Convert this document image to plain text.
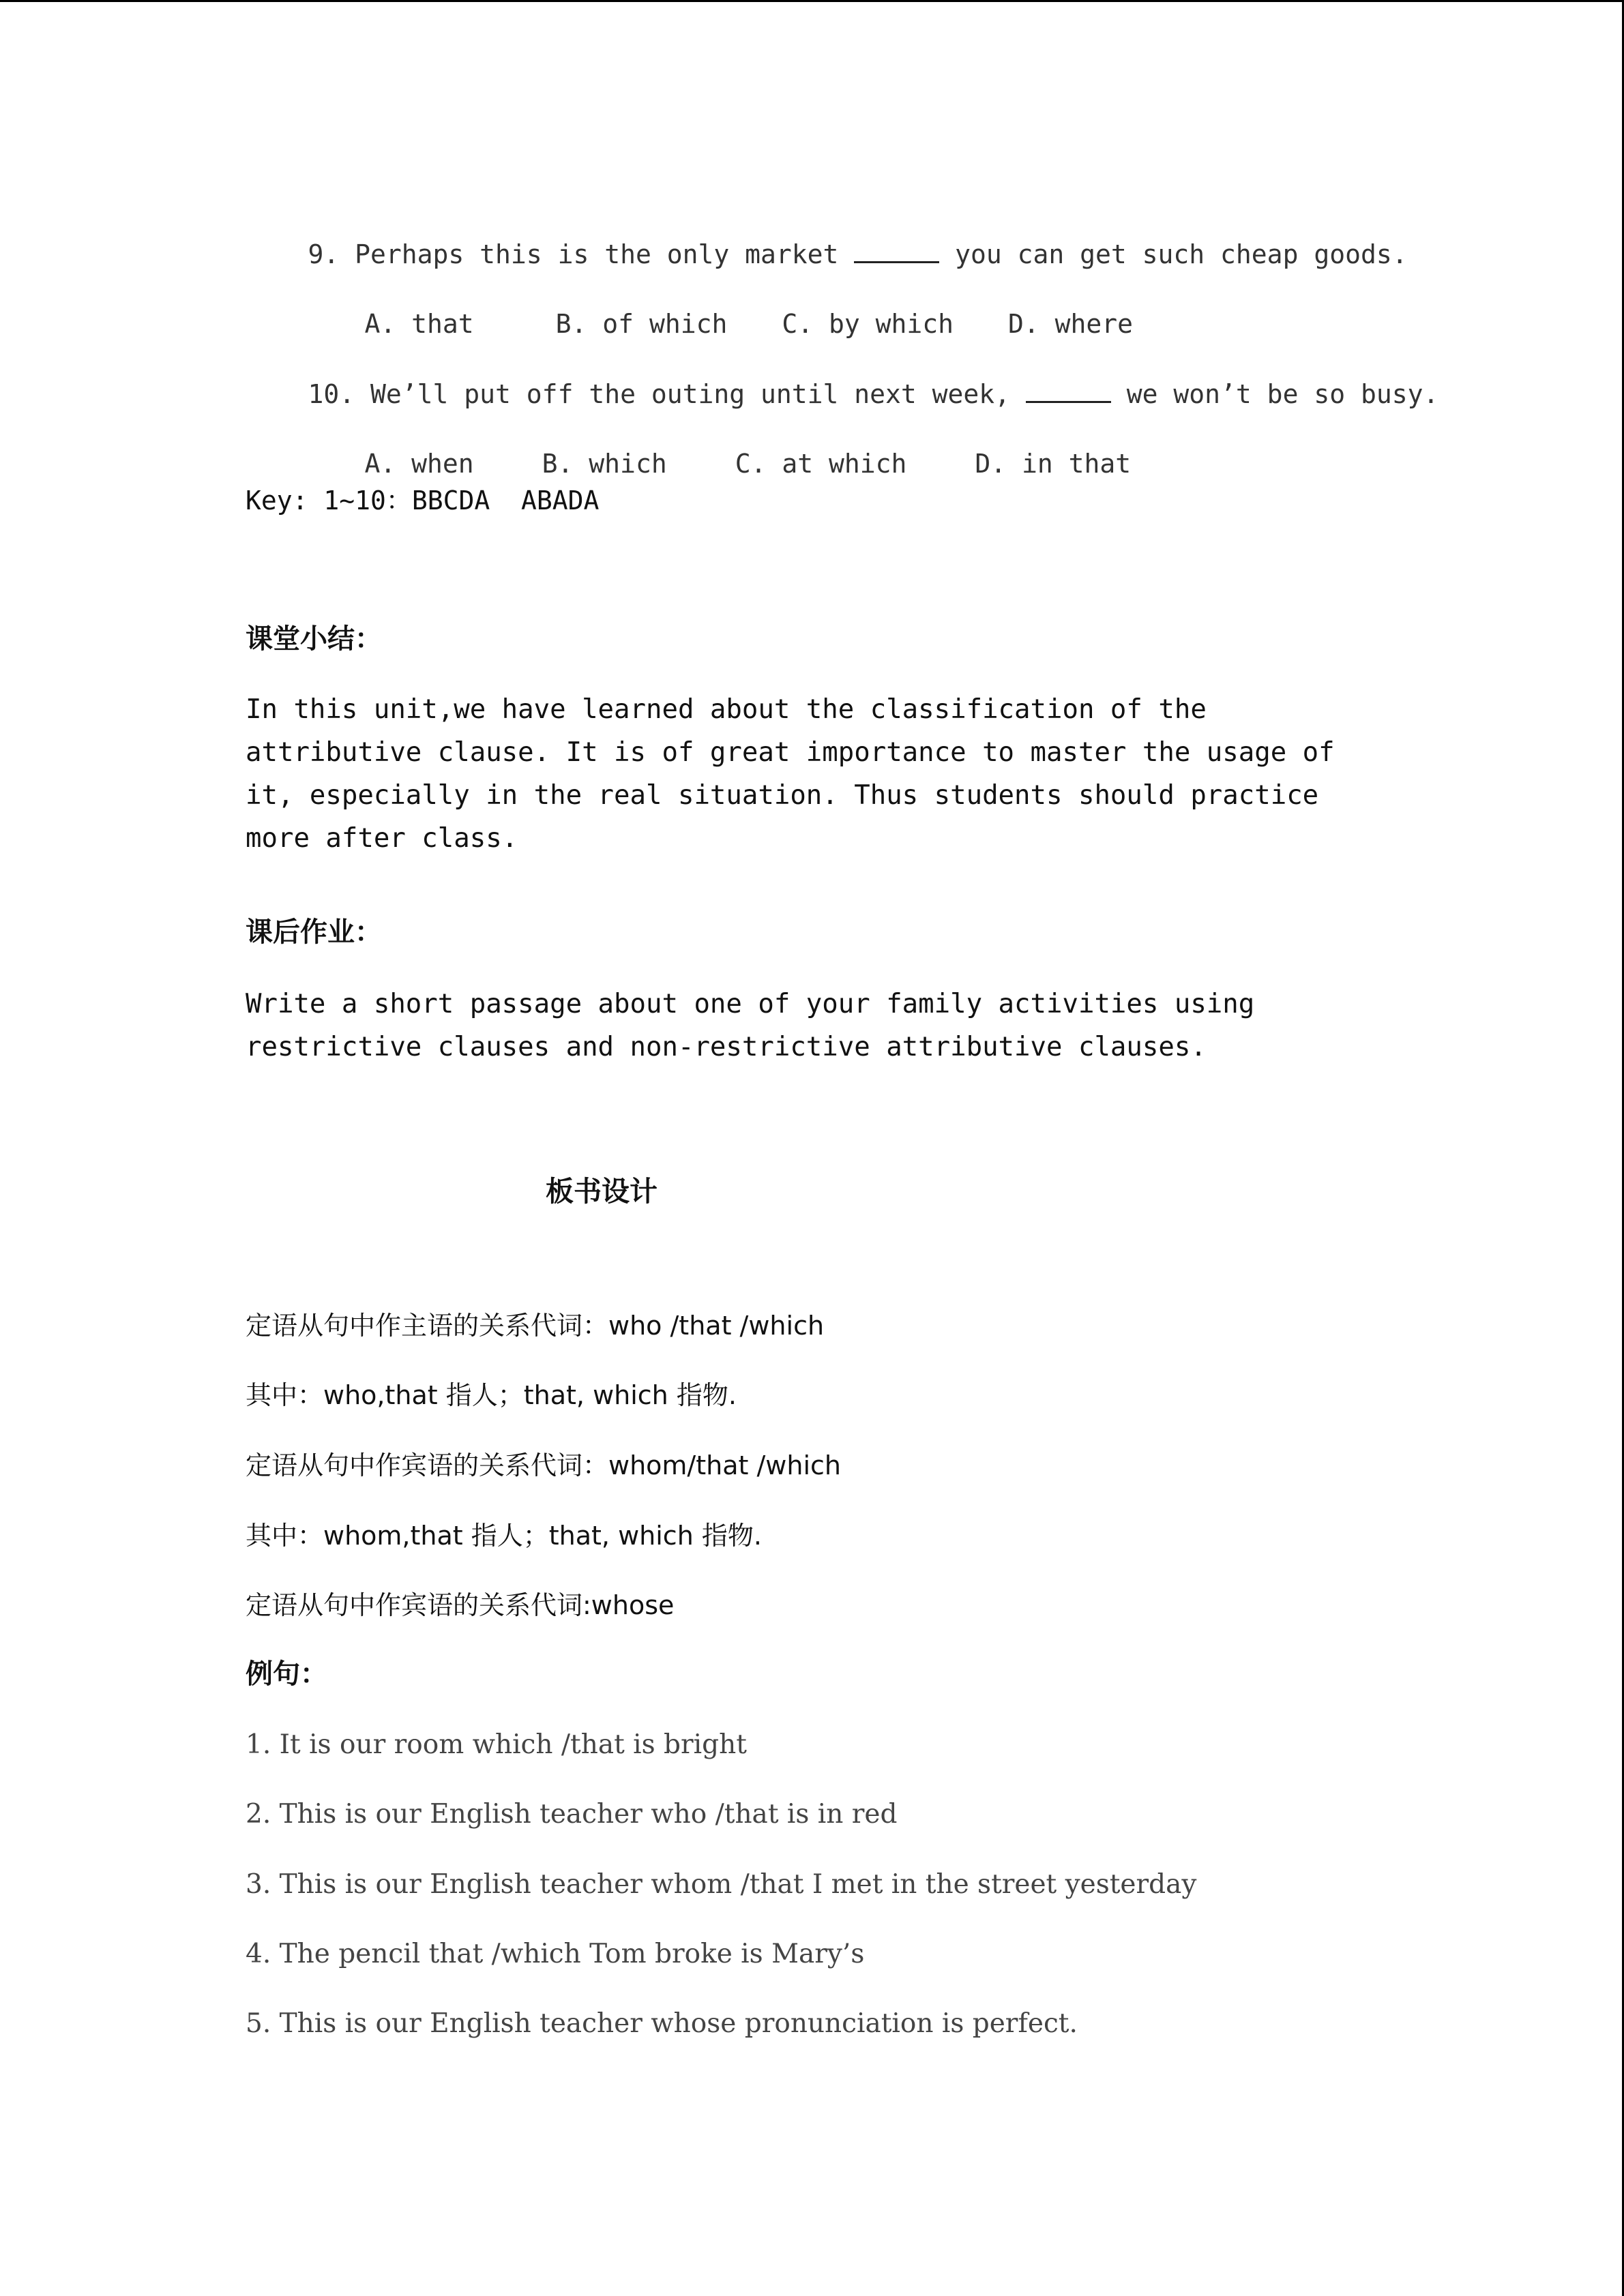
9. Perhaps this is the only market	you can get such cheap goods.

A. that	B. of which C. by which D. where

10. We’ll put off the outing until next week,	we won’t be so busy.

A. when	B. which	C. at which	D. in that

Key: 1~10：BBCDA  ABADA
课堂小结：
In this unit,we have learned about the classification of the attributive clause. It is of great importance to master the usage of it, especially in the real situation. Thus students should practice more after class.
课后作业：
Write a short passage about one of your family activities using restrictive clauses and non-restrictive attributive clauses.
板书设计
定语从句中作主语的关系代词：who /that /which
其中：who,that 指人；that, which 指物.
定语从句中作宾语的关系代词：whom/that /which
其中：whom,that 指人；that, which 指物.
定语从句中作宾语的关系代词:whose
例句：
1. It is our room which /that is bright
2. This is our English teacher who /that is in red
3. This is our English teacher whom /that I met in the street yesterday
4. The pencil that /which Tom broke is Mary’s
5. This is our English teacher whose pronunciation is perfect.
